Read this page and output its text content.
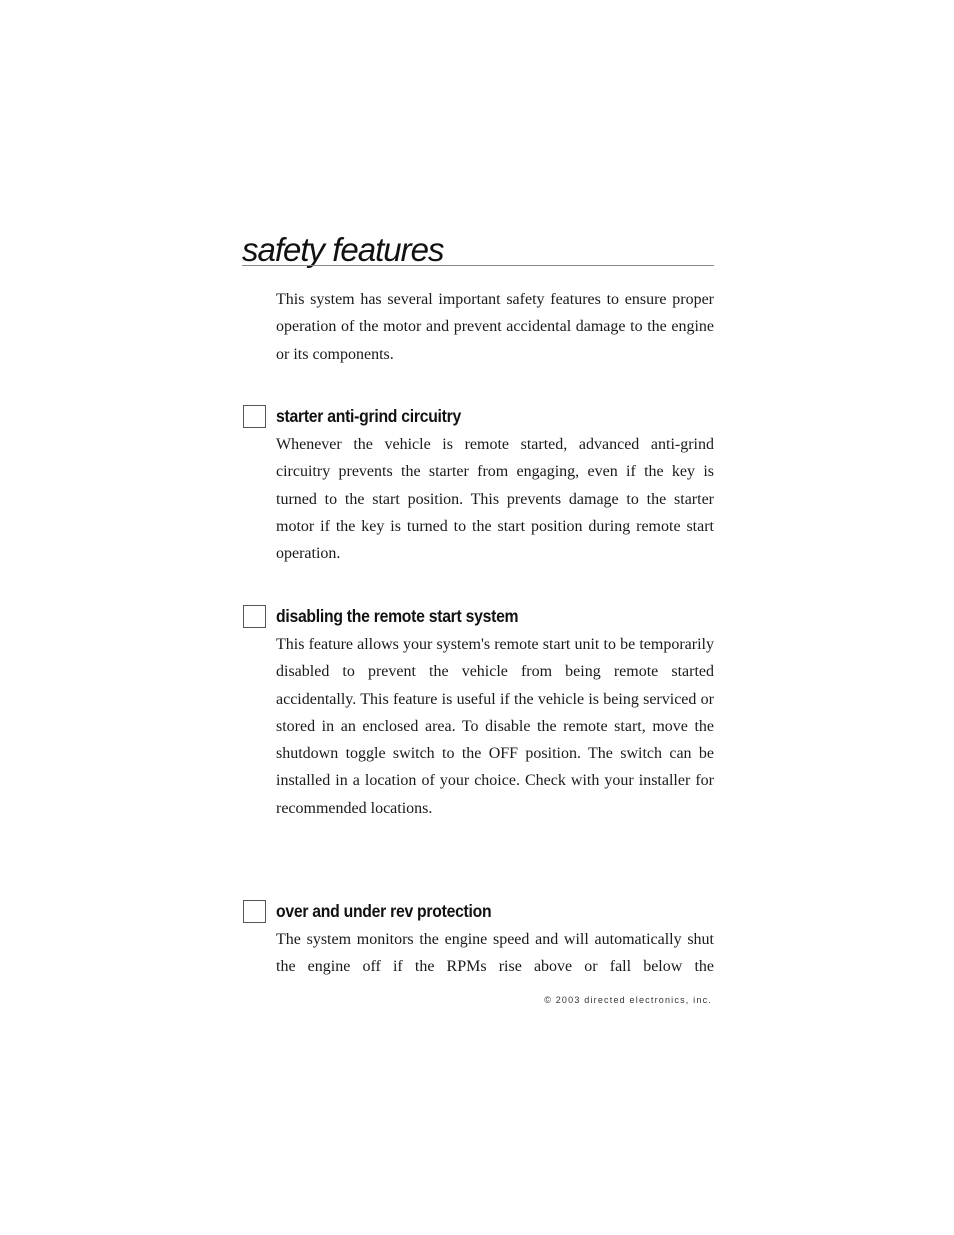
safety features

This system has several important safety features to ensure proper operation of the motor and prevent accidental damage to the engine or its components.

starter anti-grind circuitry

Whenever the vehicle is remote started, advanced anti-grind circuitry prevents the starter from engaging, even if the key is turned to the start position. This prevents damage to the starter motor if the key is turned to the start position during remote start operation.

disabling the remote start system

This feature allows your system's remote start unit to be temporarily disabled to prevent the vehicle from being remote started accidentally. This feature is useful if the vehicle is being serviced or stored in an enclosed area. To disable the remote start, move the shutdown toggle switch to the OFF position. The switch can be installed in a location of your choice. Check with your installer for recommended locations.

over and under rev protection

The system monitors the engine speed and will automatically shut the engine off if the RPMs rise above or fall below the

© 2003 directed electronics, inc.
